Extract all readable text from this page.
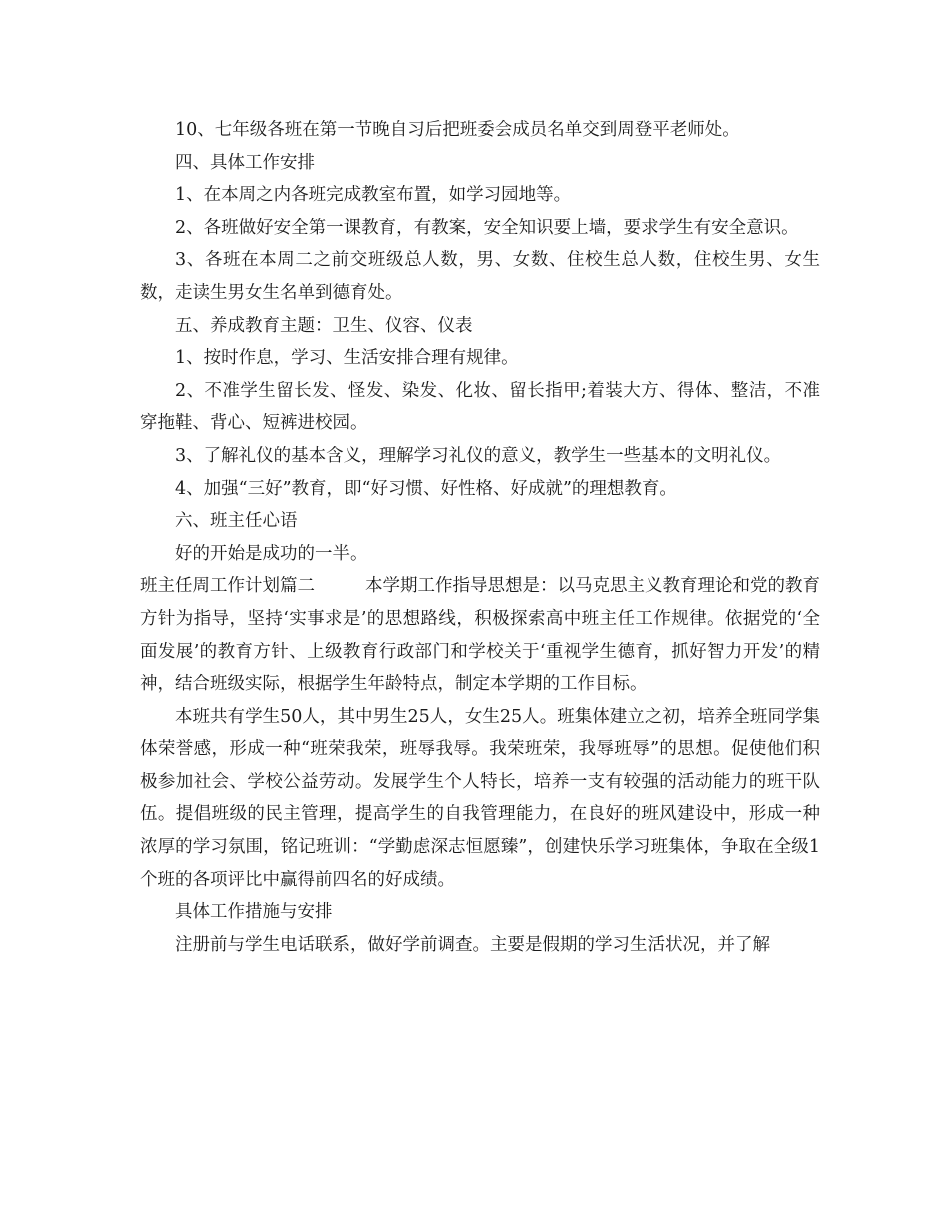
10、七年级各班在第一节晚自习后把班委会成员名单交到周登平老师处。

四、具体工作安排

1、在本周之内各班完成教室布置，如学习园地等。

2、各班做好安全第一课教育，有教案，安全知识要上墙，要求学生有安全意识。

3、各班在本周二之前交班级总人数，男、女数、住校生总人数，住校生男、女生数，走读生男女生名单到德育处。

五、养成教育主题：卫生、仪容、仪表

1、按时作息，学习、生活安排合理有规律。

2、不准学生留长发、怪发、染发、化妆、留长指甲;着装大方、得体、整洁，不准穿拖鞋、背心、短裤进校园。

3、了解礼仪的基本含义，理解学习礼仪的意义，教学生一些基本的文明礼仪。

4、加强“三好”教育，即“好习惯、好性格、好成就”的理想教育。

六、班主任心语

好的开始是成功的一半。

班主任周工作计划篇二	本学期工作指导思想是：以马克思主义教育理论和党的教育方针为指导，坚持‘实事求是’的思想路线，积极探索高中班主任工作规律。依据党的‘全面发展’的教育方针、上级教育行政部门和学校关于‘重视学生德育，抓好智力开发’的精神，结合班级实际，根据学生年龄特点，制定本学期的工作目标。

本班共有学生50人，其中男生25人，女生25人。班集体建立之初，培养全班同学集体荣誉感，形成一种“班荣我荣，班辱我辱。我荣班荣，我辱班辱”的思想。促使他们积极参加社会、学校公益劳动。发展学生个人特长，培养一支有较强的活动能力的班干队伍。提倡班级的民主管理，提高学生的自我管理能力，在良好的班风建设中，形成一种浓厚的学习氛围，铭记班训：“学勤虑深志恒愿臻”，创建快乐学习班集体，争取在全级1个班的各项评比中赢得前四名的好成绩。

具体工作措施与安排

注册前与学生电话联系，做好学前调查。主要是假期的学习生活状况，并了解
